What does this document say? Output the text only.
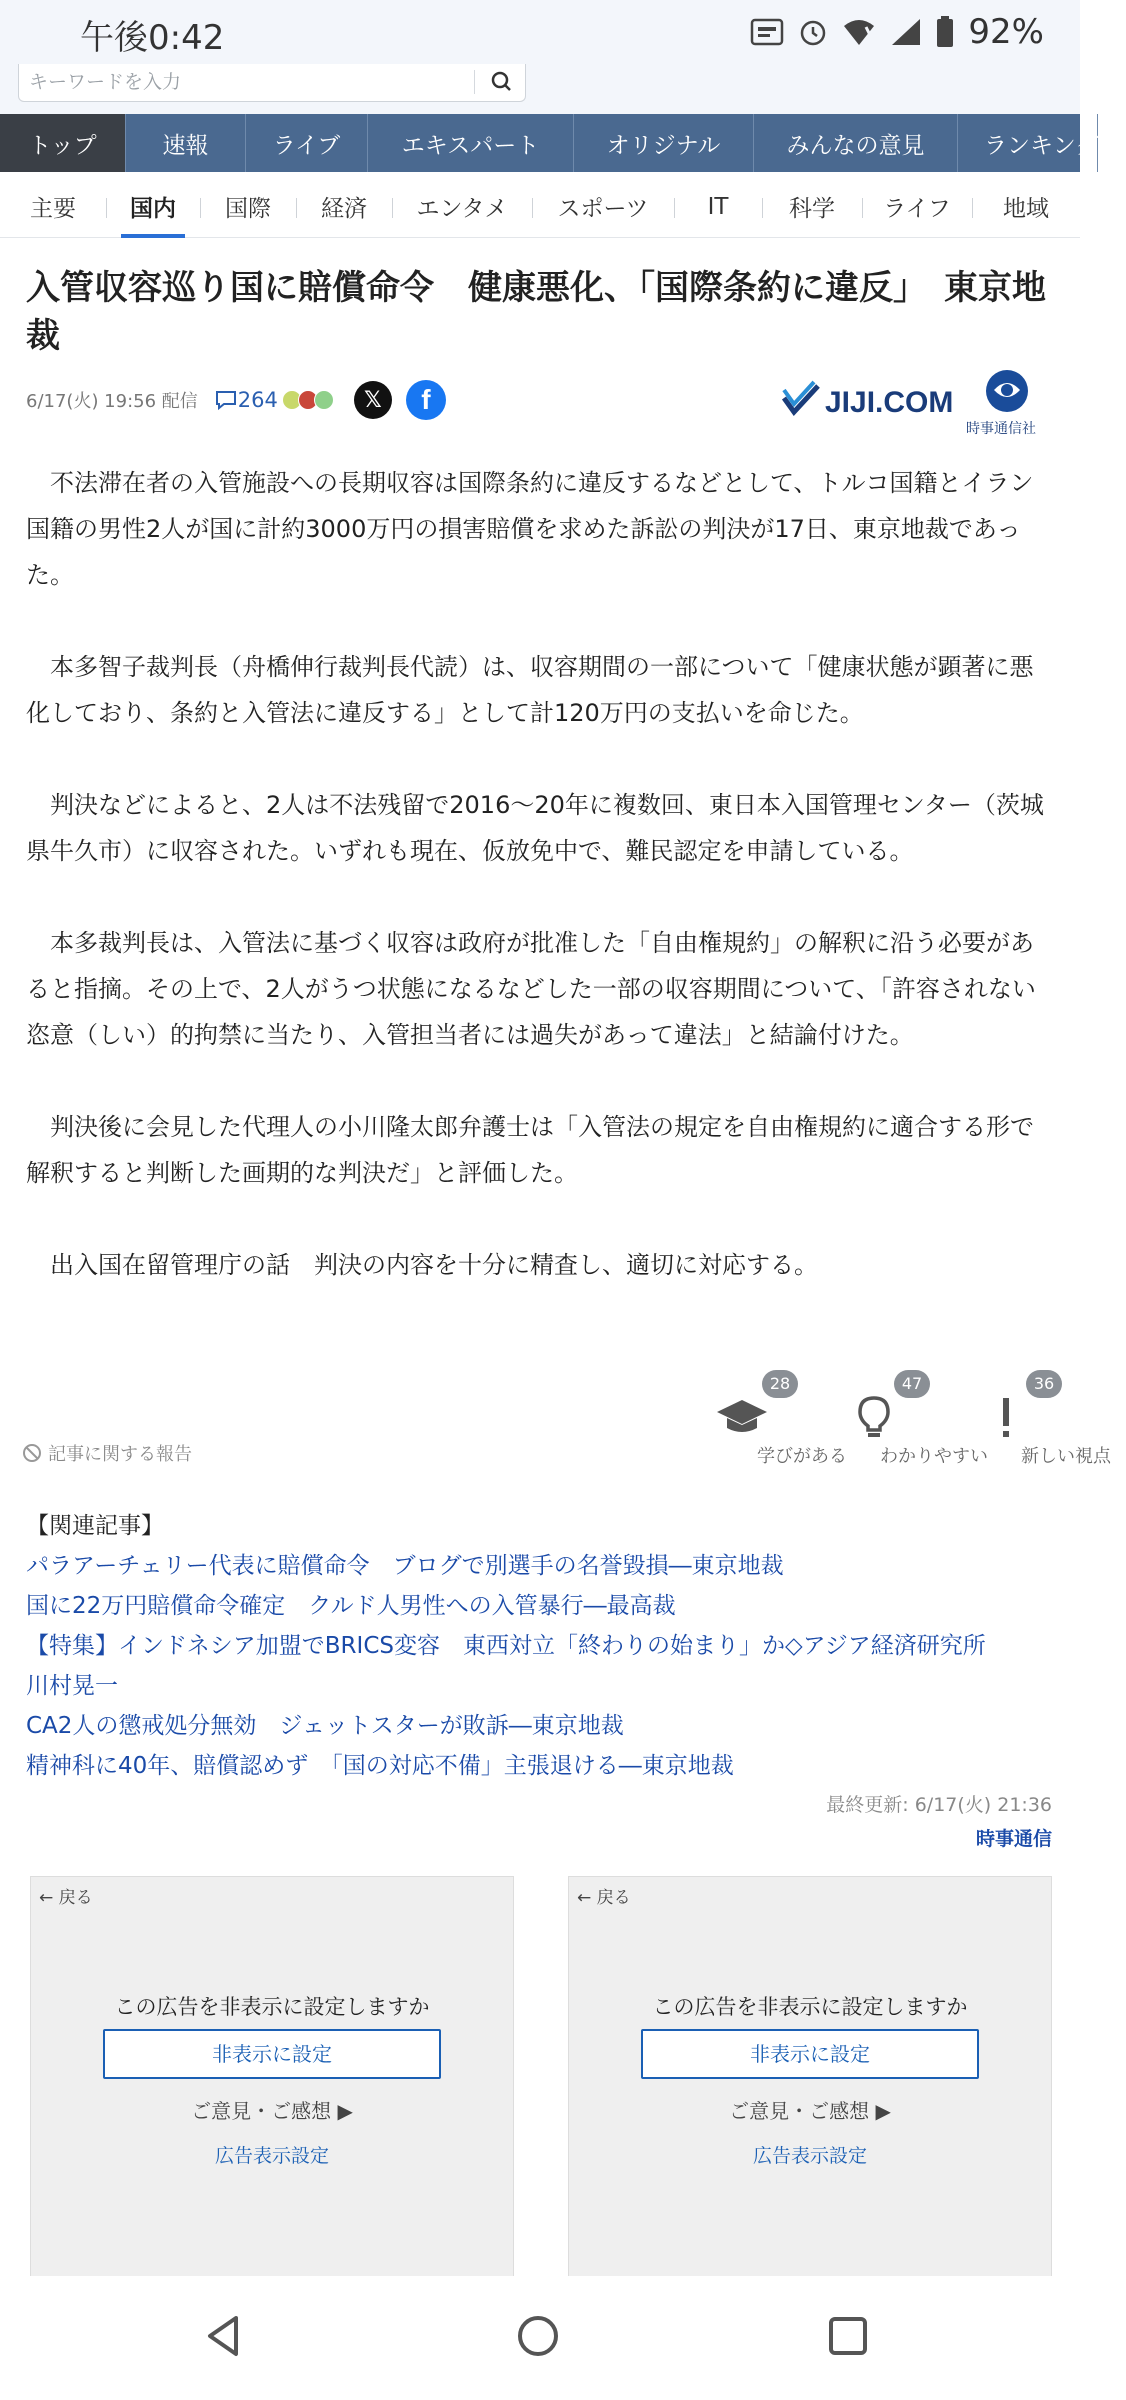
午後0:42	92%
キーワードを入力
トップ	速報	ライブ	エキスパート	オリジナル	みんなの意見	ランキング
主要	国内	国際	経済	エンタメ	スポーツ	IT	科学	ライフ	地域
入管収容巡り国に賠償命令　健康悪化、「国際条約に違反」　東京地裁
6/17(火) 19:56 配信 264	𝕏 f	JIJI.COM
時事通信社

不法滞在者の入管施設への長期収容は国際条約に違反するなどとして、トルコ国籍とイラン国籍の男性2人が国に計約3000万円の損害賠償を求めた訴訟の判決が17日、東京地裁であった。

本多智子裁判長（舟橋伸行裁判長代読）は、収容期間の一部について「健康状態が顕著に悪化しており、条約と入管法に違反する」として計120万円の支払いを命じた。

判決などによると、2人は不法残留で2016～20年に複数回、東日本入国管理センター（茨城県牛久市）に収容された。いずれも現在、仮放免中で、難民認定を申請している。

本多裁判長は、入管法に基づく収容は政府が批准した「自由権規約」の解釈に沿う必要があると指摘。その上で、2人がうつ状態になるなどした一部の収容期間について、「許容されない恣意（しい）的拘禁に当たり、入管担当者には過失があって違法」と結論付けた。

判決後に会見した代理人の小川隆太郎弁護士は「入管法の規定を自由権規約に適合する形で解釈すると判断した画期的な判決だ」と評価した。

出入国在留管理庁の話　判決の内容を十分に精査し、適切に対応する。

記事に関する報告
28
学びがある
47
わかりやすい
36
新しい視点
【関連記事】
パラアーチェリー代表に賠償命令　ブログで別選手の名誉毀損―東京地裁
国に22万円賠償命令確定　クルド人男性への入管暴行―最高裁
【特集】インドネシア加盟でBRICS変容　東西対立「終わりの始まり」か◇アジア経済研究所
川村晃一
CA2人の懲戒処分無効　ジェットスターが敗訴―東京地裁
精神科に40年、賠償認めず　「国の対応不備」主張退ける―東京地裁
最終更新: 6/17(火) 21:36
時事通信
← 戻る
この広告を非表示に設定しますか
非表示に設定
ご意見・ご感想 ▶
広告表示設定
← 戻る
この広告を非表示に設定しますか
非表示に設定
ご意見・ご感想 ▶
広告表示設定
